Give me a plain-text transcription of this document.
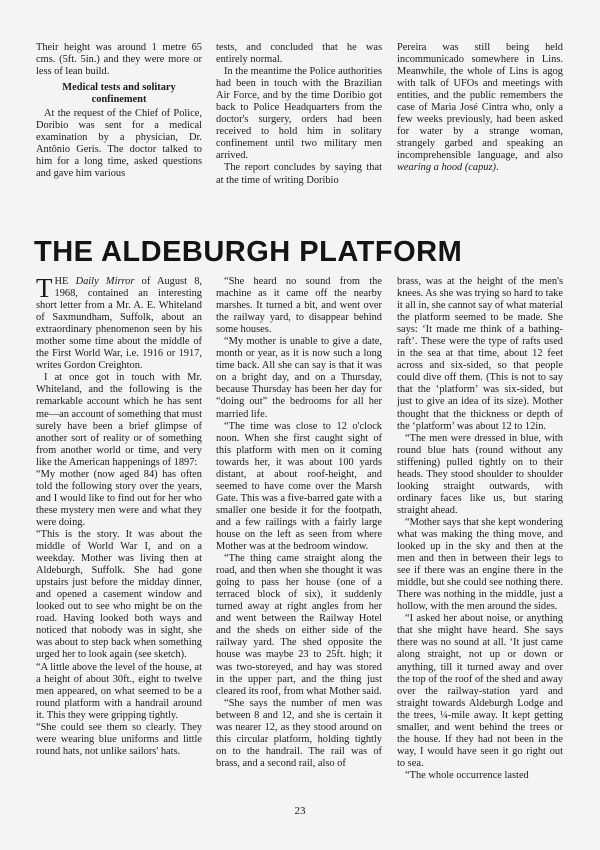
Their height was around 1 metre 65 cms. (5ft. 5in.) and they were more or less of lean build.

Medical tests and solitary
confinement

At the request of the Chief of Police, Doribio was sent for a medical examination by a physician, Dr. Antônio Geris. The doctor talked to him for a long time, asked questions and gave him various

tests, and concluded that he was entirely normal.

In the meantime the Police authorities had been in touch with the Brazilian Air Force, and by the time Doribio got back to Police Headquarters from the doctor's surgery, orders had been received to hold him in solitary confinement until two military men arrived.

The report concludes by saying that at the time of writing Doribio

Pereira was still being held incommunicado somewhere in Lins. Meanwhile, the whole of Lins is agog with talk of UFOs and meetings with entities, and the public remembers the case of Maria José Cintra who, only a few weeks previously, had been asked for water by a strange woman, strangely garbed and speaking an incomprehensible language, and also wearing a hood (capuz).

THE ALDEBURGH PLATFORM

THE Daily Mirror of August 8, 1968, contained an interesting short letter from a Mr. A. E. Whiteland of Saxmundham, Suffolk, about an extraordinary phenomenon seen by his mother some time about the middle of the First World War, i.e. 1916 or 1917, writes Gordon Creighton.

I at once got in touch with Mr. Whiteland, and the following is the remarkable account which he has sent me—an account of something that must surely have been a brief glimpse of another sort of reality or of something from another world or time, and very like the American happenings of 1897:

“My mother (now aged 84) has often told the following story over the years, and I would like to find out for her who these mystery men were and what they were doing.

“This is the story. It was about the middle of World War I, and on a weekday. Mother was living then at Aldeburgh, Suffolk. She had gone upstairs just before the midday dinner, and opened a casement window and looked out to see who might be on the road. Having looked both ways and noticed that nobody was in sight, she was about to step back when something urged her to look again (see sketch).

“A little above the level of the house, at a height of about 30ft., eight to twelve men appeared, on what seemed to be a round platform with a handrail around it. This they were gripping tightly.

“She could see them so clearly. They were wearing blue uniforms and little round hats, not unlike sailors' hats.

“She heard no sound from the machine as it came off the nearby marshes. It turned a bit, and went over the railway yard, to disappear behind some houses.

“My mother is unable to give a date, month or year, as it is now such a long time back. All she can say is that it was on a bright day, and on a Thursday, because Thursday has been her day for “doing out” the bedrooms for all her married life.

“The time was close to 12 o'clock noon. When she first caught sight of this platform with men on it coming towards her, it was about 100 yards distant, at about roof-height, and seemed to have come over the Marsh Gate. This was a five-barred gate with a smaller one beside it for the footpath, and a few railings with a fairly large house on the left as seen from where Mother was at the bedroom window.

“The thing came straight along the road, and then when she thought it was going to pass her house (one of a terraced block of six), it suddenly turned away at right angles from her and went between the Railway Hotel and the sheds on either side of the railway yard. The shed opposite the house was maybe 23 to 25ft. high; it was two-storeyed, and hay was stored in the upper part, and the thing just cleared its roof, from what Mother said.

“She says the number of men was between 8 and 12, and she is certain it was nearer 12, as they stood around on this circular platform, holding tightly on to the handrail. The rail was of brass, and a second rail, also of

brass, was at the height of the men's knees. As she was trying so hard to take it all in, she cannot say of what material the platform seemed to be made. She says: ‘It made me think of a bathing-raft’. These were the type of rafts used in the sea at that time, about 12 feet across and six-sided, so that people could dive off them. (This is not to say that the ‘platform’ was six-sided, but just to give an idea of its size). Mother thought that the thickness or depth of the ‘platform’ was about 12 to 12in.

“The men were dressed in blue, with round blue hats (round without any stiffening) pulled tightly on to their heads. They stood shoulder to shoulder looking straight outwards, with ordinary faces like us, but staring straight ahead.

“Mother says that she kept wondering what was making the thing move, and looked up in the sky and then at the men and then in between their legs to see if there was an engine there in the middle, but she could see nothing there. There was nothing in the middle, just a hollow, with the men around the sides.

“I asked her about noise, or anything that she might have heard. She says there was no sound at all. ‘It just came along straight, not up or down or anything, till it turned away and over the top of the roof of the shed and away over the railway-station yard and straight towards Aldeburgh Lodge and the trees, ¼-mile away. It kept getting smaller, and went behind the trees or the house. If they had not been in the way, I would have seen it go right out to sea.

“The whole occurrence lasted

23
